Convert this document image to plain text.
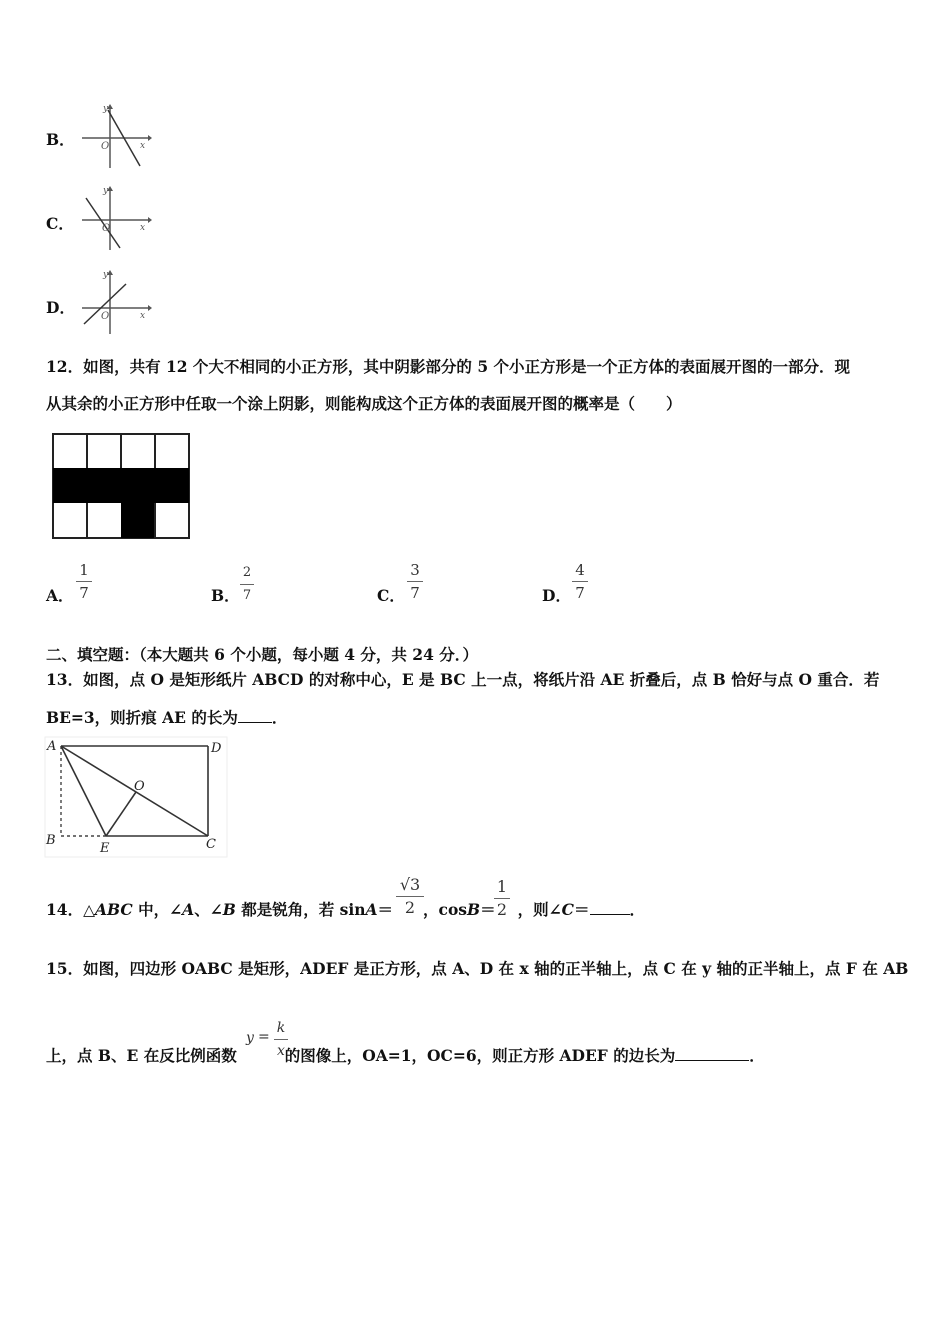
B．
y
x
O
C．
y
x
O
D．
y
x
O
12．如图，共有 12 个大不相同的小正方形，其中阴影部分的 5 个小正方形是一个正方体的表面展开图的一部分．现
从其余的小正方形中任取一个涂上阴影，则能构成这个正方体的表面展开图的概率是（　　）
A．
1
7	B．
2
7	C．
3
7	D．
4
7
二、填空题：（本大题共 6 个小题，每小题 4 分，共 24 分．）
13．如图，点 O 是矩形纸片 ABCD 的对称中心，E 是 BC 上一点，将纸片沿 AE 折叠后，点 B 恰好与点 O 重合．若
BE=3，则折痕 AE 的长为 ．
A	D
B
E	C
O
14．△ABC 中，∠A、∠B 都是锐角，若 sinA＝ ，cosB＝ ，则∠C＝	．
√3
2
1
2
15．如图，四边形 OABC 是矩形，ADEF 是正方形，点 A、D 在 x 轴的正半轴上，点 C 在 y 轴的正半轴上，点 F 在 AB
上，点 B、E 在反比例函数	的图像上，OA=1，OC=6，则正方形 ADEF 的边长为	．
y =
k
x
